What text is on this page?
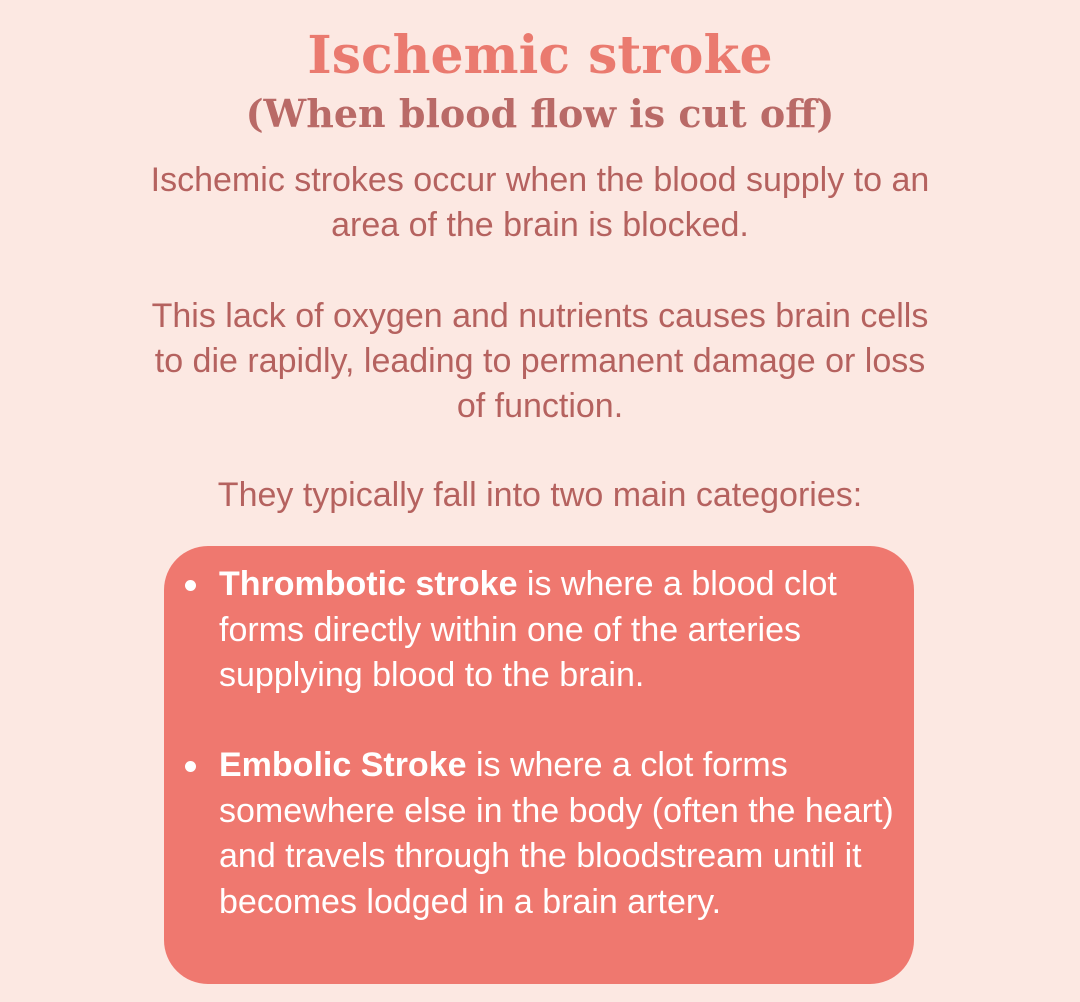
Ischemic stroke
(When blood flow is cut off)

Ischemic strokes occur when the blood supply to an area of the brain is blocked.

This lack of oxygen and nutrients causes brain cells to die rapidly, leading to permanent damage or loss of function.

They typically fall into two main categories:

Thrombotic stroke is where a blood clot forms directly within one of the arteries supplying blood to the brain.
Embolic Stroke is where a clot forms somewhere else in the body (often the heart) and travels through the bloodstream until it becomes lodged in a brain artery.
